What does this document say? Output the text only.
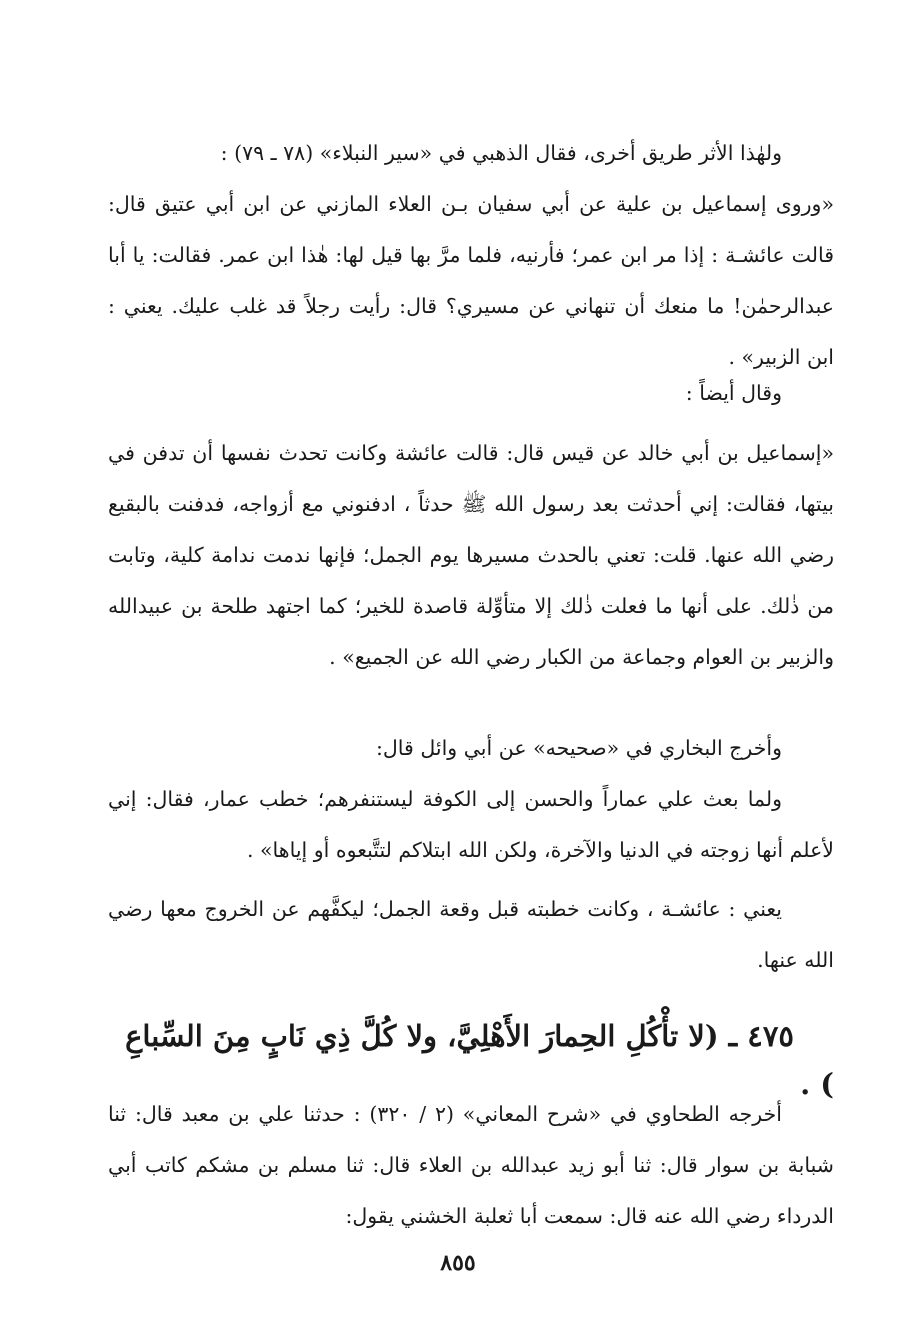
ولهٰذا الأثر طريق أخرى، فقال الذهبي في «سير النبلاء» (٧٨ ـ ٧٩) :

«وروى إسماعيل بن علية عن أبي سفيان بـن العلاء المازني عن ابن أبي عتيق قال: قالت عائشـة : إذا مر ابن عمر؛ فأرنيه، فلما مرَّ بها قيل لها: هٰذا ابن عمر. فقالت: يا أبا عبدالرحمٰن! ما منعك أن تنهاني عن مسيري؟ قال: رأيت رجلاً قد غلب عليك. يعني : ابن الزبير» .

وقال أيضاً :

«إسماعيل بن أبي خالد عن قيس قال: قالت عائشة وكانت تحدث نفسها أن تدفن في بيتها، فقالت: إني أحدثت بعد رسول الله ﷺ حدثاً ، ادفنوني مع أزواجه، فدفنت بالبقيع رضي الله عنها. قلت: تعني بالحدث مسيرها يوم الجمل؛ فإنها ندمت ندامة كلية، وتابت من ذٰلك. على أنها ما فعلت ذٰلك إلا متأوِّلة قاصدة للخير؛ كما اجتهد طلحة بن عبيدالله والزبير بن العوام وجماعة من الكبار رضي الله عن الجميع» .

وأخرج البخاري في «صحيحه» عن أبي وائل قال:

ولما بعث علي عماراً والحسن إلى الكوفة ليستنفرهم؛ خطب عمار، فقال: إني لأعلم أنها زوجته في الدنيا والآخرة، ولكن الله ابتلاكم لتتَّبعوه أو إياها» .

يعني : عائشـة ، وكانت خطبته قبل وقعة الجمل؛ ليكفَّهم عن الخروج معها رضي الله عنها.

٤٧٥ ـ (لا تأْكُلِ الحِمارَ الأَهْلِيَّ، ولا كُلَّ ذِي نَابٍ مِنَ السِّباعِ ) .

أخرجه الطحاوي في «شرح المعاني» (٢ / ٣٢٠) : حدثنا علي بن معبد قال: ثنا شبابة بن سوار قال: ثنا أبو زيد عبدالله بن العلاء قال: ثنا مسلم بن مشكم كاتب أبي الدرداء رضي الله عنه قال: سمعت أبا ثعلبة الخشني يقول:

٨٥٥
